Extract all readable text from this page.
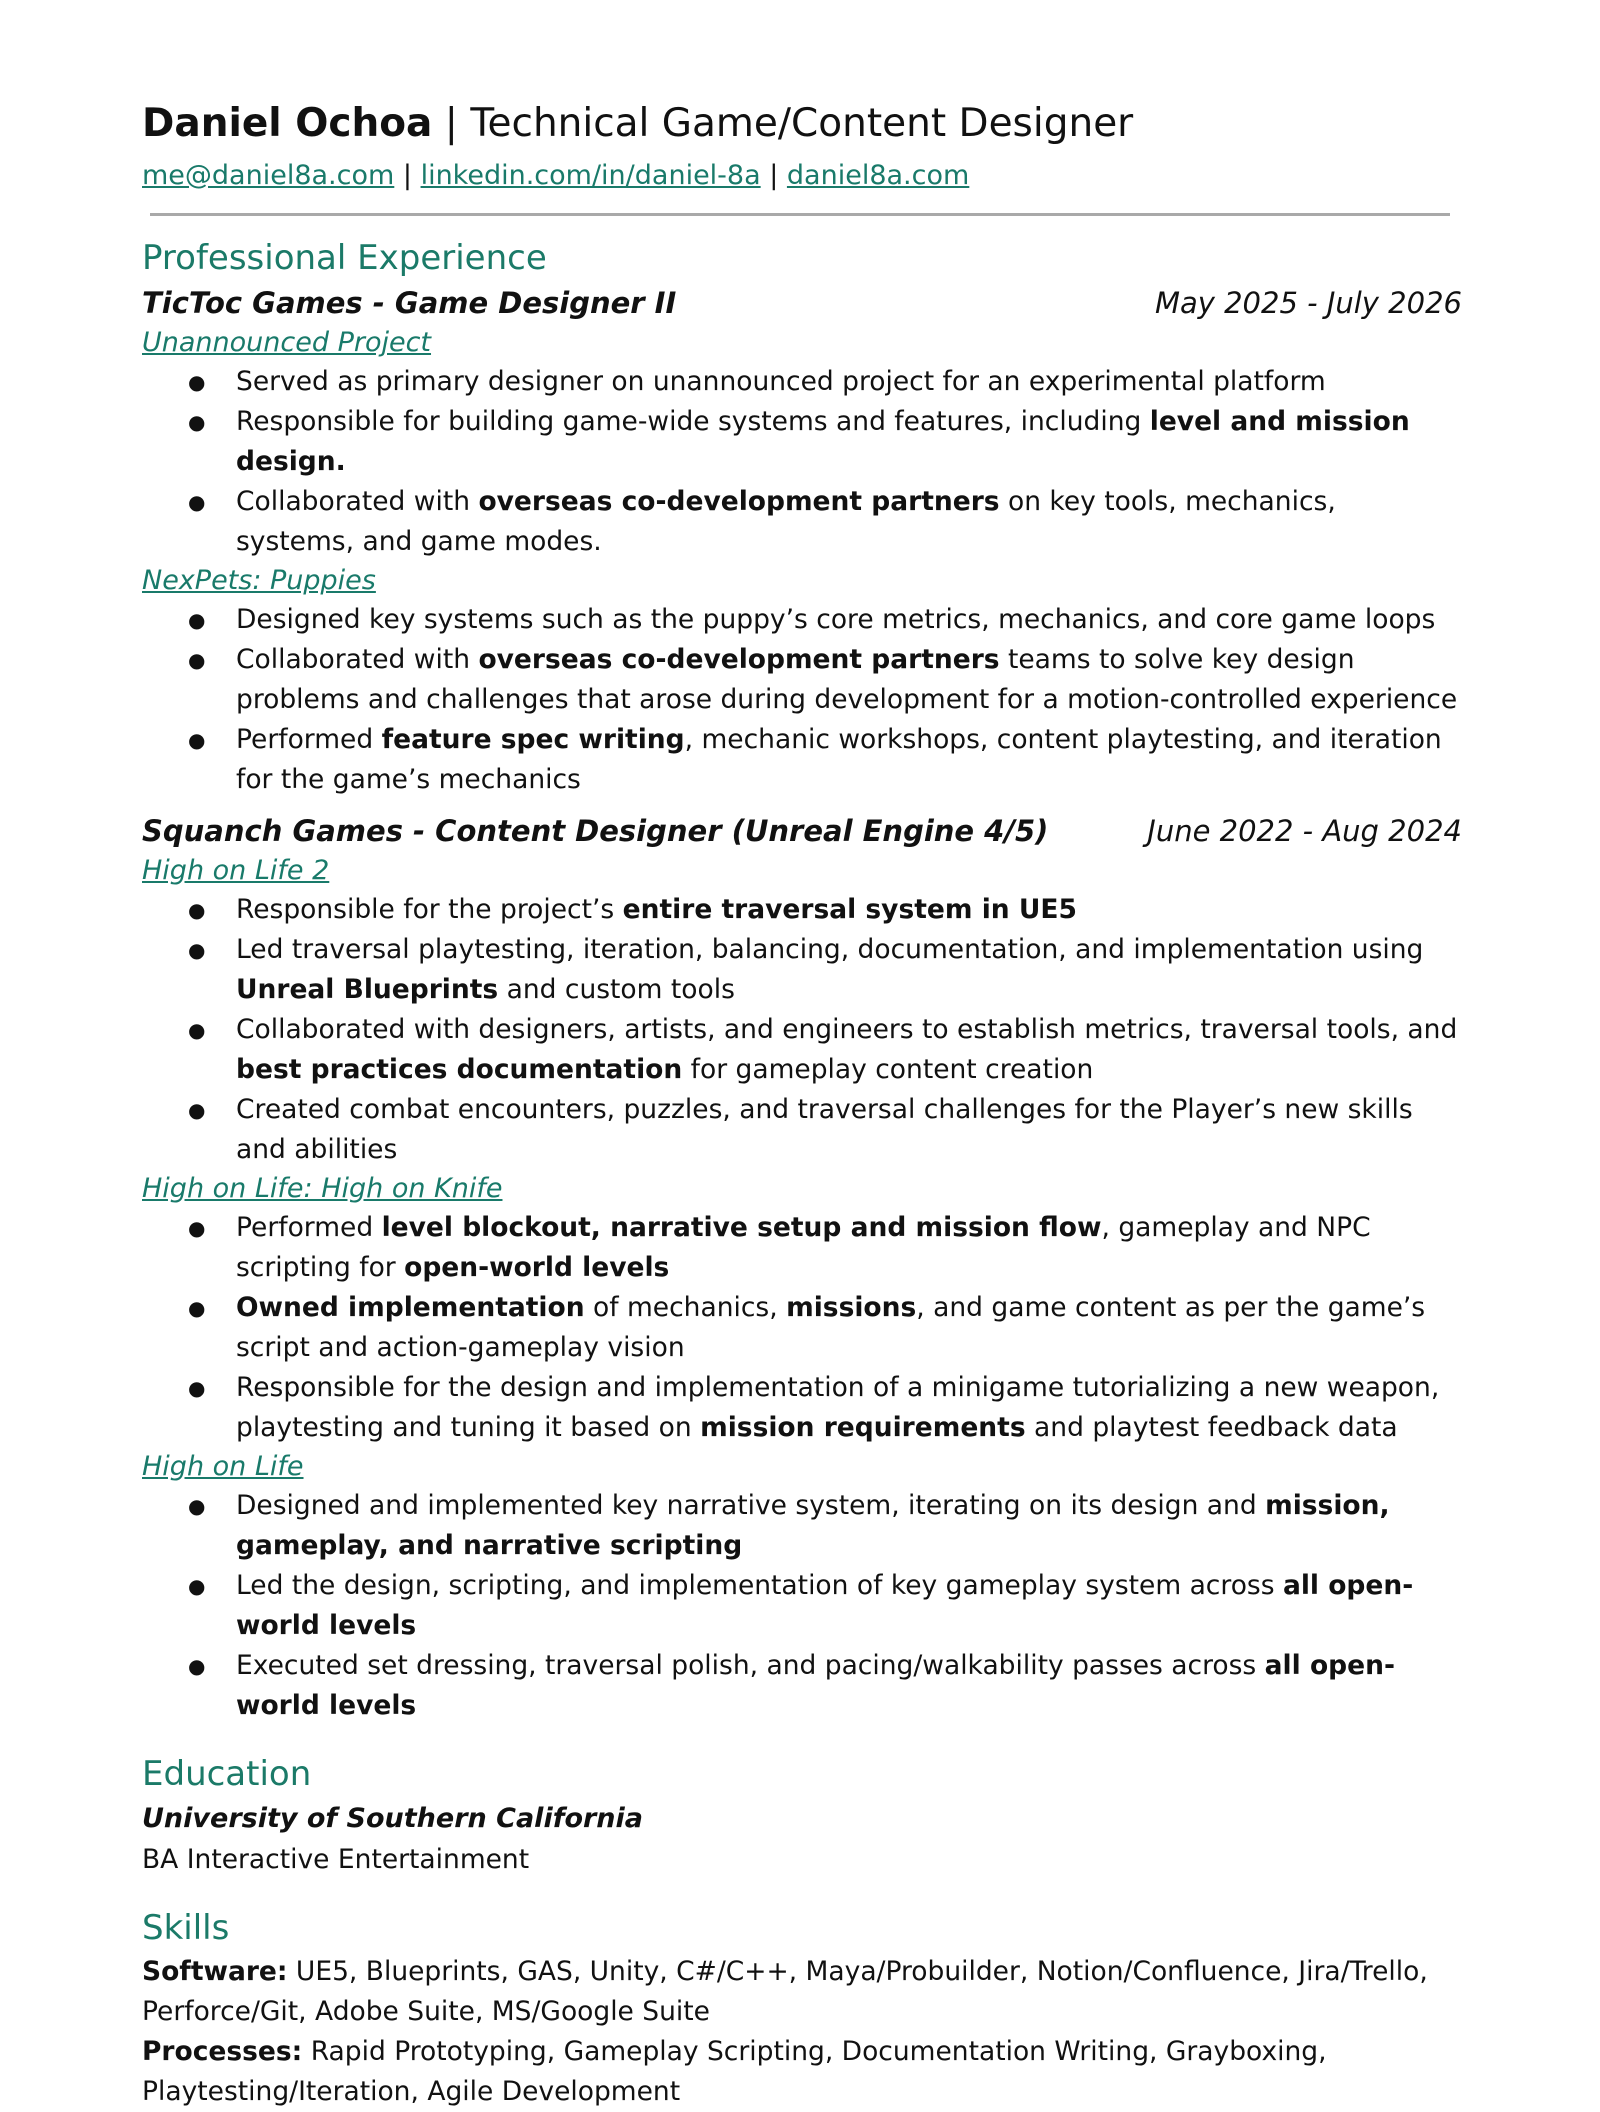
Daniel Ochoa | Technical Game/Content Designer
me@daniel8a.com | linkedin.com/in/daniel-8a | daniel8a.com
Professional Experience
TicToc Games - Game Designer II	May 2025 - July 2026
Unannounced Project
● Served as primary designer on unannounced project for an experimental platform
● Responsible for building game-wide systems and features, including level and mission design.
● Collaborated with overseas co-development partners on key tools, mechanics, systems, and game modes.
NexPets: Puppies
● Designed key systems such as the puppy’s core metrics, mechanics, and core game loops
● Collaborated with overseas co-development partners teams to solve key design problems and challenges that arose during development for a motion-controlled experience
● Performed feature spec writing, mechanic workshops, content playtesting, and iteration for the game’s mechanics
Squanch Games - Content Designer (Unreal Engine 4/5)	June 2022 - Aug 2024
High on Life 2
● Responsible for the project’s entire traversal system in UE5
● Led traversal playtesting, iteration, balancing, documentation, and implementation using Unreal Blueprints and custom tools
● Collaborated with designers, artists, and engineers to establish metrics, traversal tools, and best practices documentation for gameplay content creation
● Created combat encounters, puzzles, and traversal challenges for the Player’s new skills and abilities
High on Life: High on Knife
● Performed level blockout, narrative setup and mission flow, gameplay and NPC scripting for open-world levels
● Owned implementation of mechanics, missions, and game content as per the game’s script and action-gameplay vision
● Responsible for the design and implementation of a minigame tutorializing a new weapon, playtesting and tuning it based on mission requirements and playtest feedback data
High on Life
● Designed and implemented key narrative system, iterating on its design and mission, gameplay, and narrative scripting
● Led the design, scripting, and implementation of key gameplay system across all open-world levels
● Executed set dressing, traversal polish, and pacing/walkability passes across all open-world levels
Education
University of Southern California
BA Interactive Entertainment
Skills
Software: UE5, Blueprints, GAS, Unity, C#/C++, Maya/Probuilder, Notion/Confluence, Jira/Trello, Perforce/Git, Adobe Suite, MS/Google Suite
Processes: Rapid Prototyping, Gameplay Scripting, Documentation Writing, Grayboxing, Playtesting/Iteration, Agile Development
